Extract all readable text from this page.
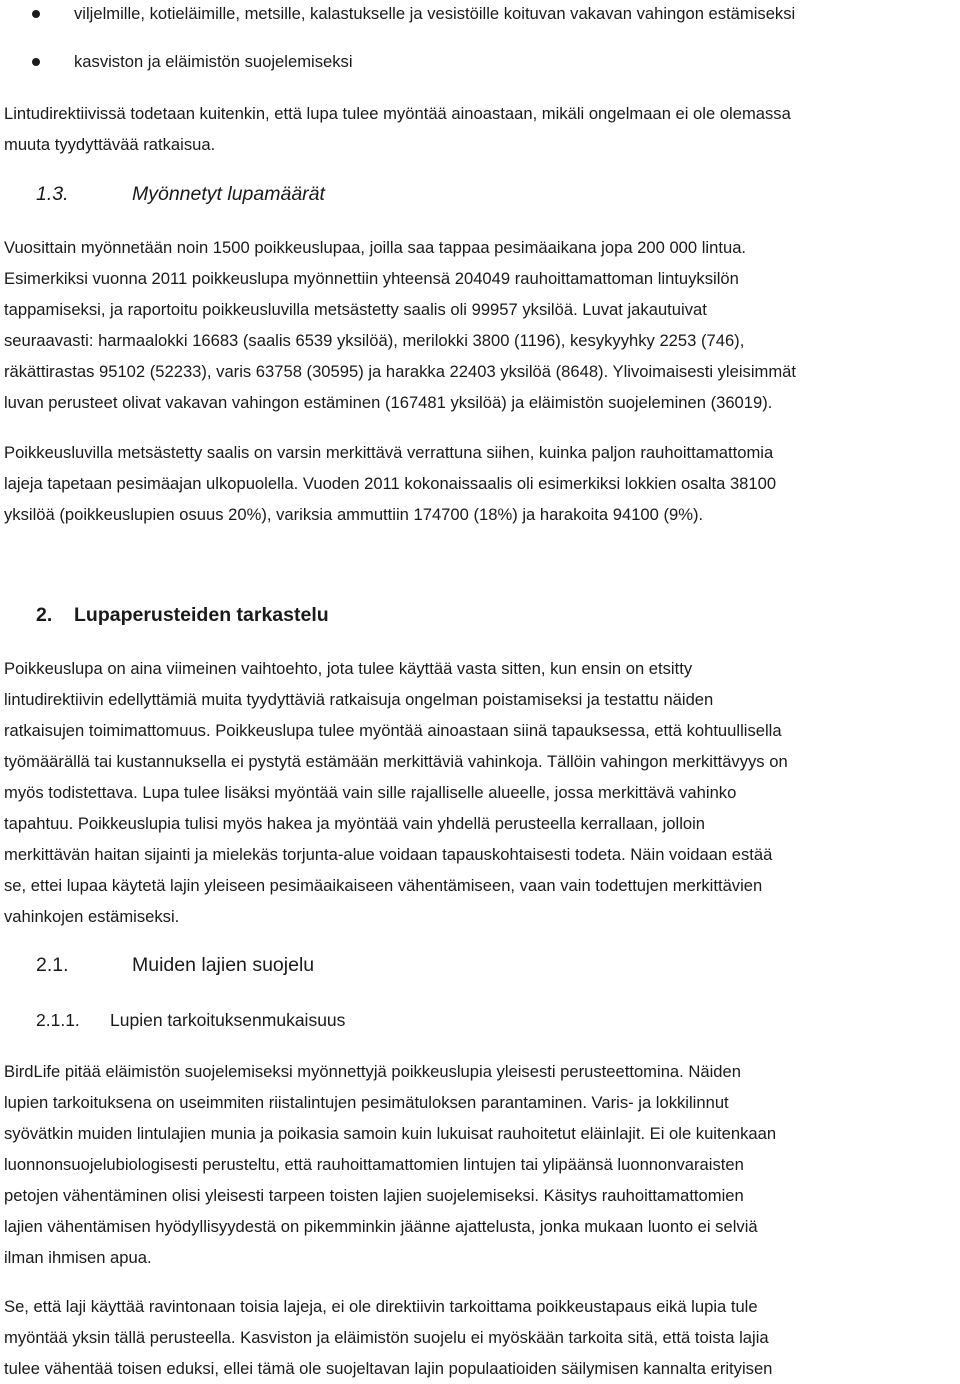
viljelmille, kotieläimille, metsille, kalastukselle ja vesistöille koituvan vakavan vahingon estämiseksi
kasviston ja eläimistön suojelemiseksi
Lintudirektiivissä todetaan kuitenkin, että lupa tulee myöntää ainoastaan, mikäli ongelmaan ei ole olemassa
muuta tyydyttävää ratkaisua.
1.3.	Myönnetyt lupamäärät
Vuosittain myönnetään noin 1500 poikkeuslupaa, joilla saa tappaa pesimäaikana jopa 200 000 lintua.
Esimerkiksi vuonna 2011 poikkeuslupa myönnettiin yhteensä 204049 rauhoittamattoman lintuyksilön
tappamiseksi, ja raportoitu poikkeusluvilla metsästetty saalis oli 99957 yksilöä. Luvat jakautuivat
seuraavasti: harmaalokki 16683 (saalis 6539 yksilöä), merilokki 3800 (1196), kesykyyhky 2253 (746),
räkättirastas 95102 (52233), varis 63758 (30595) ja harakka 22403 yksilöä (8648). Ylivoimaisesti yleisimmät
luvan perusteet olivat vakavan vahingon estäminen (167481 yksilöä) ja eläimistön suojeleminen (36019).
Poikkeusluvilla metsästetty saalis on varsin merkittävä verrattuna siihen, kuinka paljon rauhoittamattomia
lajeja tapetaan pesimäajan ulkopuolella. Vuoden 2011 kokonaissaalis oli esimerkiksi lokkien osalta 38100
yksilöä (poikkeuslupien osuus 20%), variksia ammuttiin 174700 (18%) ja harakoita 94100 (9%).
2. Lupaperusteiden tarkastelu
Poikkeuslupa on aina viimeinen vaihtoehto, jota tulee käyttää vasta sitten, kun ensin on etsitty
lintudirektiivin edellyttämiä muita tyydyttäviä ratkaisuja ongelman poistamiseksi ja testattu näiden
ratkaisujen toimimattomuus. Poikkeuslupa tulee myöntää ainoastaan siinä tapauksessa, että kohtuullisella
työmäärällä tai kustannuksella ei pystytä estämään merkittäviä vahinkoja. Tällöin vahingon merkittävyys on
myös todistettava. Lupa tulee lisäksi myöntää vain sille rajalliselle alueelle, jossa merkittävä vahinko
tapahtuu. Poikkeuslupia tulisi myös hakea ja myöntää vain yhdellä perusteella kerrallaan, jolloin
merkittävän haitan sijainti ja mielekäs torjunta-alue voidaan tapauskohtaisesti todeta. Näin voidaan estää
se, ettei lupaa käytetä lajin yleiseen pesimäaikaiseen vähentämiseen, vaan vain todettujen merkittävien
vahinkojen estämiseksi.
2.1.	Muiden lajien suojelu
2.1.1. Lupien tarkoituksenmukaisuus
BirdLife pitää eläimistön suojelemiseksi myönnettyjä poikkeuslupia yleisesti perusteettomina. Näiden
lupien tarkoituksena on useimmiten riistalintujen pesimätuloksen parantaminen. Varis- ja lokkilinnut
syövätkin muiden lintulajien munia ja poikasia samoin kuin lukuisat rauhoitetut eläinlajit. Ei ole kuitenkaan
luonnonsuojelubiologisesti perusteltu, että rauhoittamattomien lintujen tai ylipäänsä luonnonvaraisten
petojen vähentäminen olisi yleisesti tarpeen toisten lajien suojelemiseksi. Käsitys rauhoittamattomien
lajien vähentämisen hyödyllisyydestä on pikemminkin jäänne ajattelusta, jonka mukaan luonto ei selviä
ilman ihmisen apua.
Se, että laji käyttää ravintonaan toisia lajeja, ei ole direktiivin tarkoittama poikkeustapaus eikä lupia tule
myöntää yksin tällä perusteella. Kasviston ja eläimistön suojelu ei myöskään tarkoita sitä, että toista lajia
tulee vähentää toisen eduksi, ellei tämä ole suojeltavan lajin populaatioiden säilymisen kannalta erityisen
